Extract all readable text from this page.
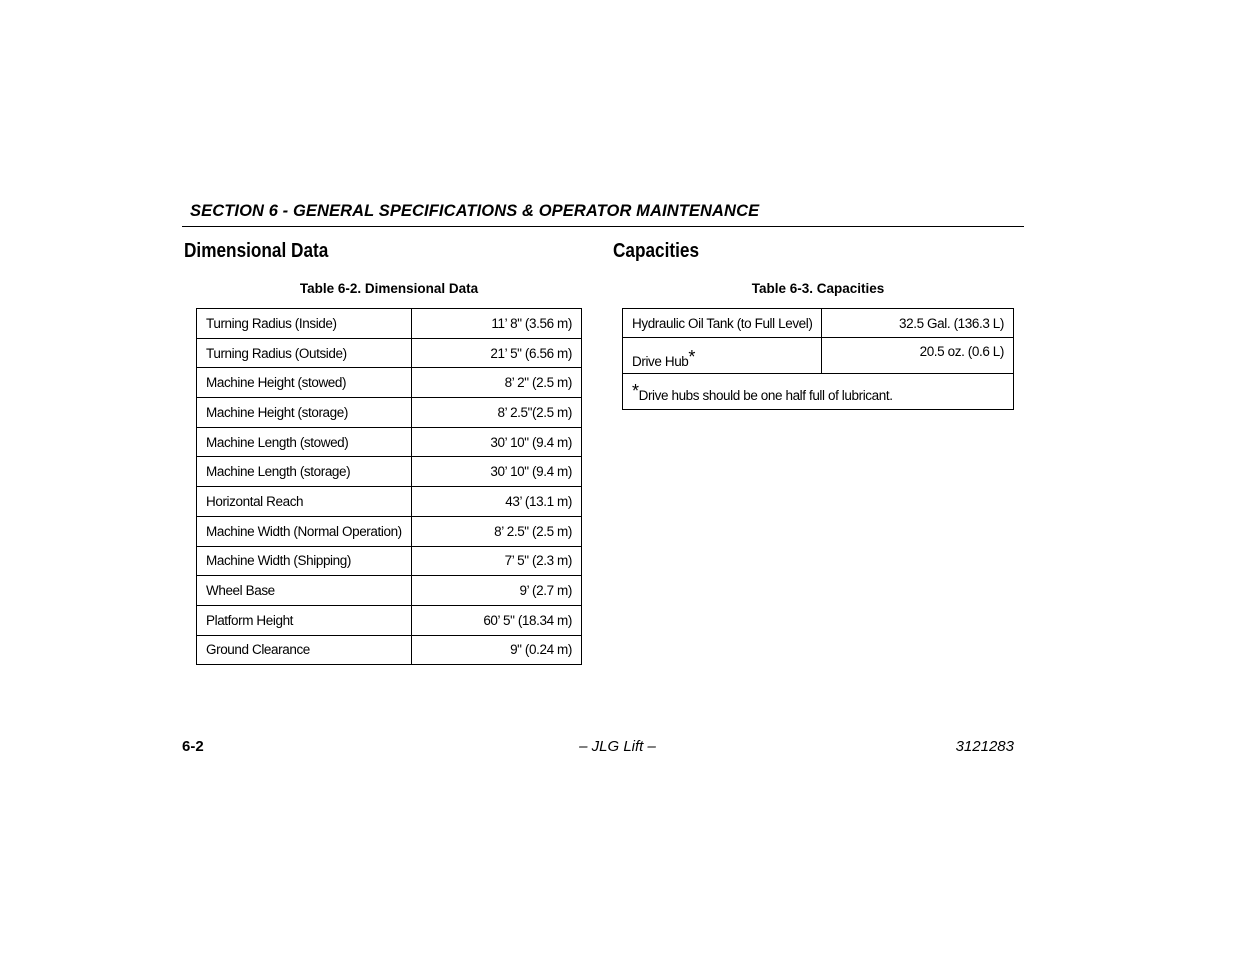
SECTION 6 - GENERAL SPECIFICATIONS & OPERATOR MAINTENANCE
Dimensional Data
Table 6-2. Dimensional Data
Turning Radius (Inside)	11’ 8" (3.56 m)
Turning Radius (Outside)	21’ 5" (6.56 m)
Machine Height (stowed)	8’ 2" (2.5 m)
Machine Height (storage)	8’ 2.5"(2.5 m)
Machine Length (stowed)	30’ 10" (9.4 m)
Machine Length (storage)	30’ 10" (9.4 m)
Horizontal Reach	43’ (13.1 m)
Machine Width (Normal Operation)	8’ 2.5" (2.5 m)
Machine Width (Shipping)	7’ 5" (2.3 m)
Wheel Base	9’ (2.7 m)
Platform Height	60’ 5" (18.34 m)
Ground Clearance	9" (0.24 m)
Capacities
Table 6-3. Capacities
Hydraulic Oil Tank (to Full Level)	32.5 Gal. (136.3 L)
Drive Hub*	20.5 oz. (0.6 L)
*Drive hubs should be one half full of lubricant.	
6-2	– JLG Lift –	3121283
